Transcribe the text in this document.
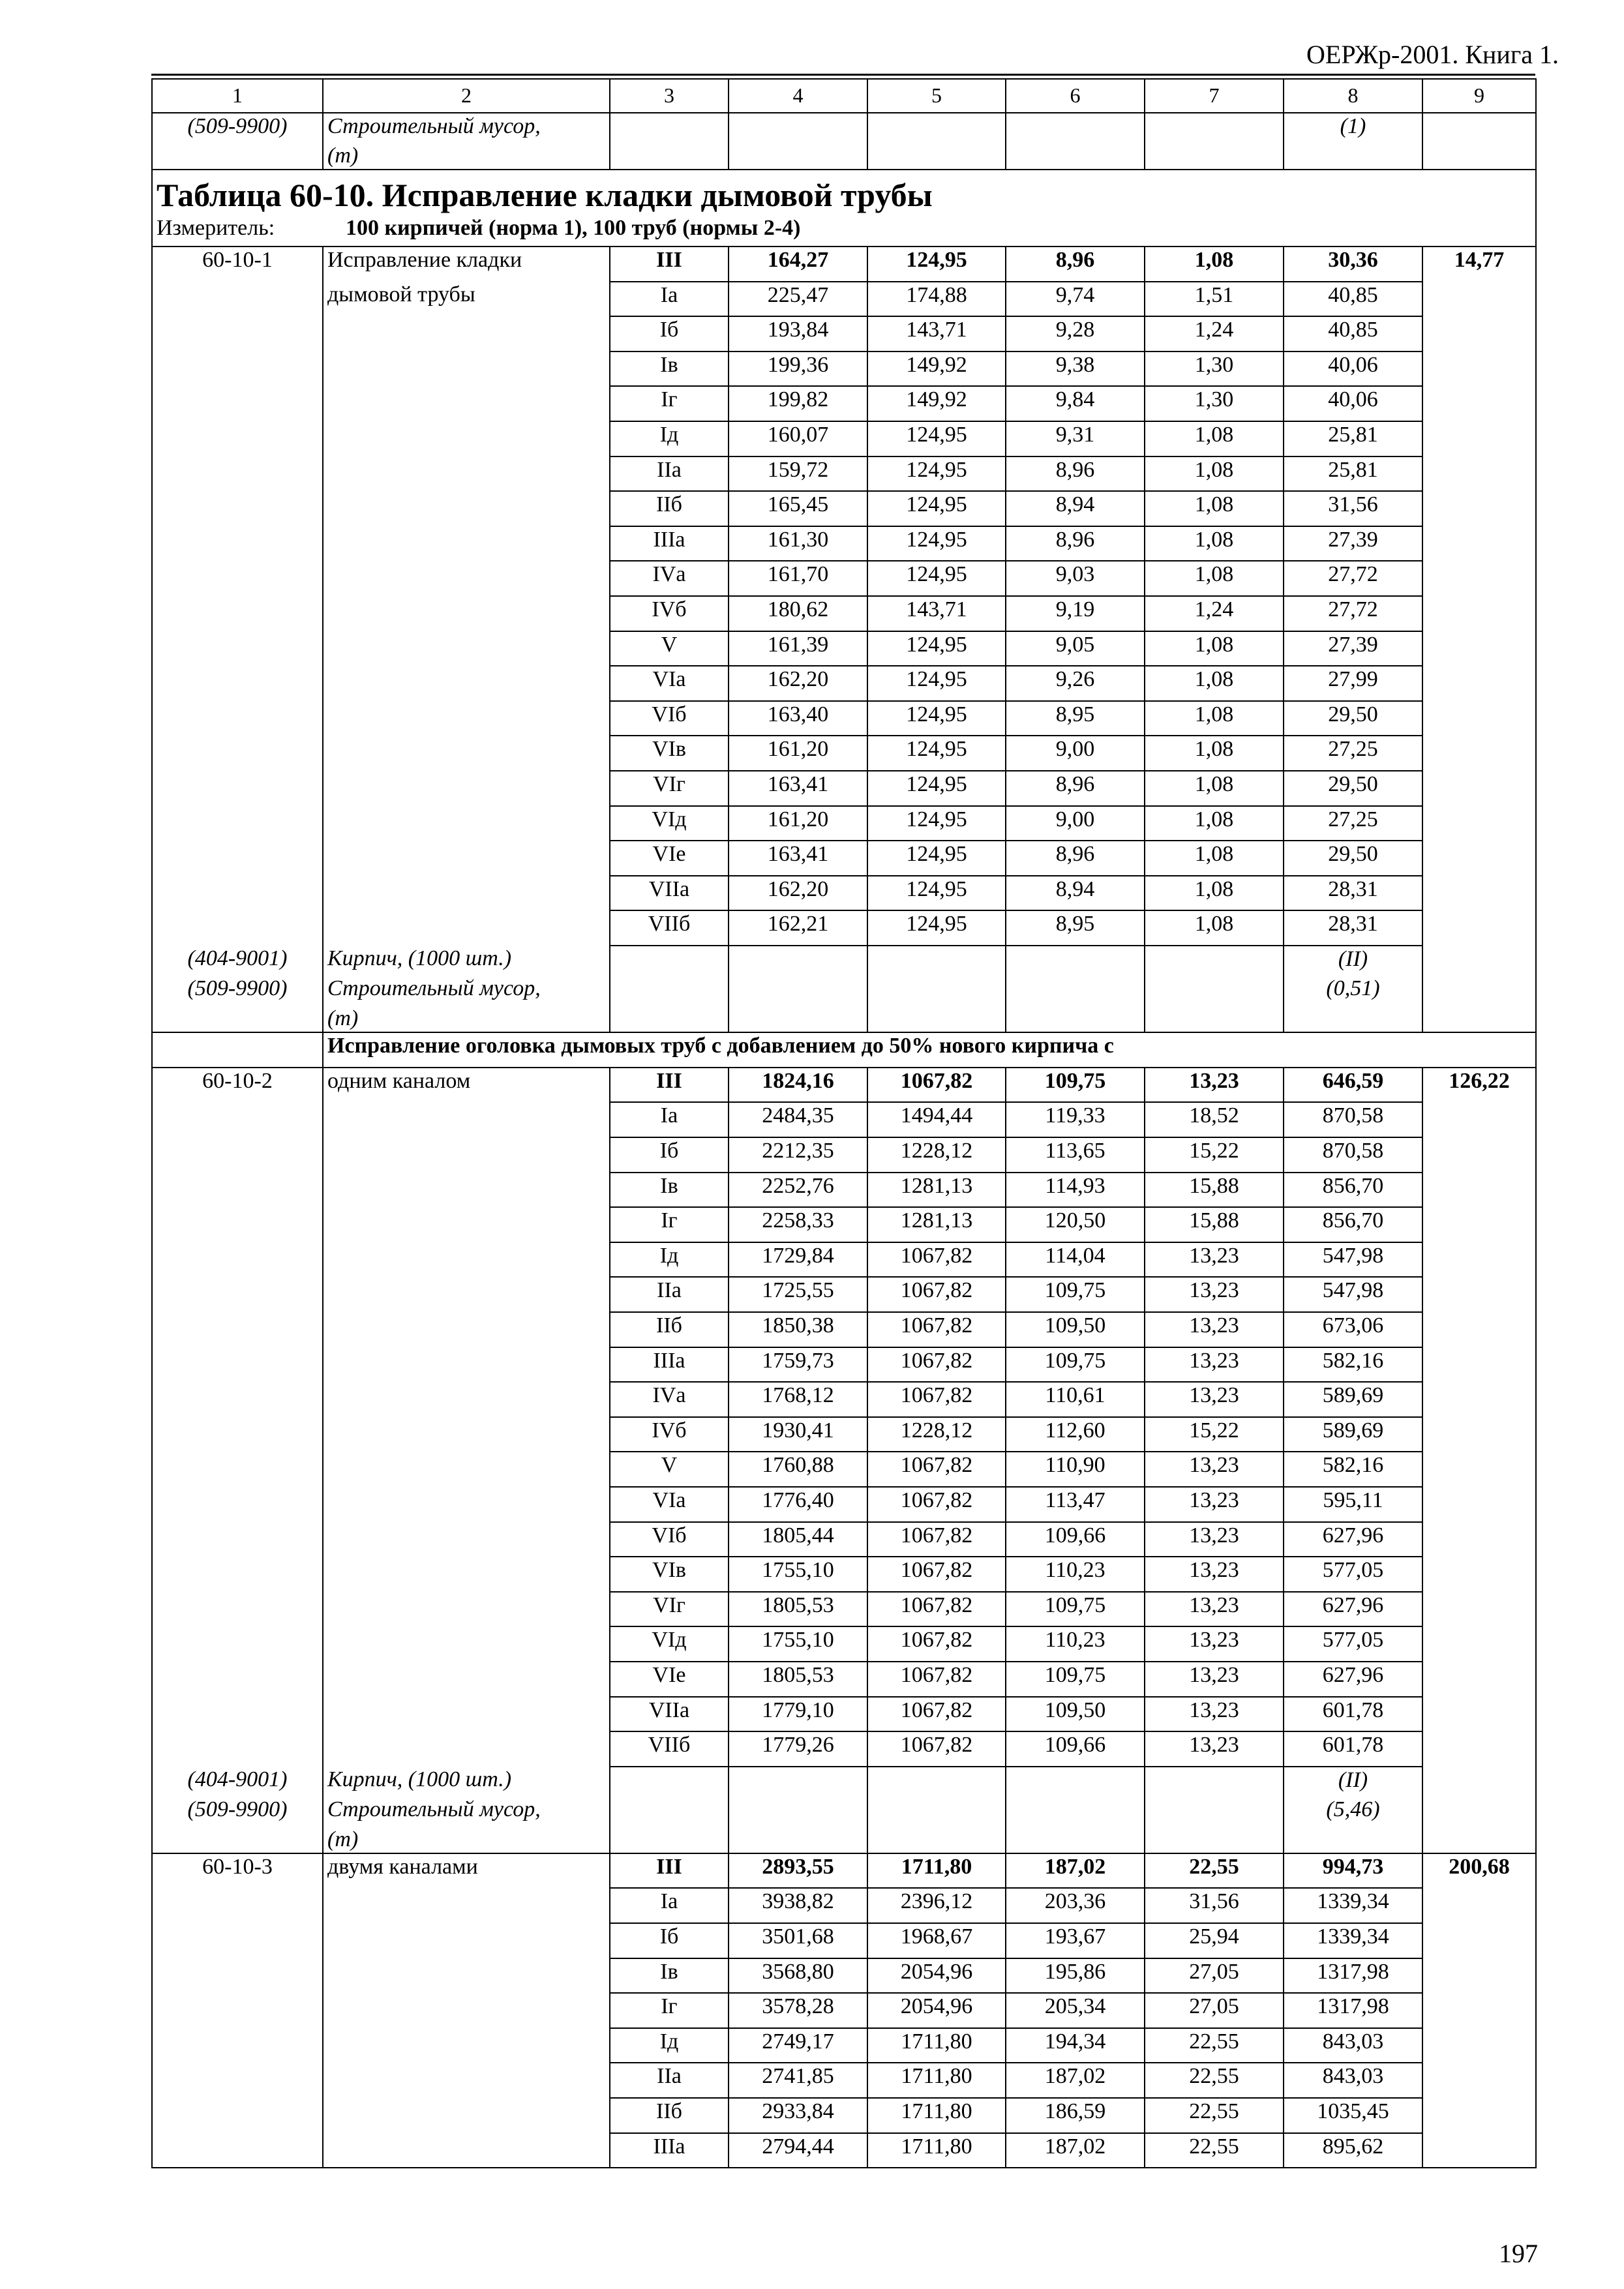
ОЕРЖр-2001. Книга 1.
1	2	3	4	5	6	7	8	9
(509-9900)	Строительный мусор,						(1)	
	(т)							
Таблица 60-10. Исправление кладки дымовой трубы								
Измеритель: 100 кирпичей (норма 1), 100 труб (нормы 2-4)								
60-10-1	Исправление кладки	III	164,27	124,95	8,96	1,08	30,36	14,77
	дымовой трубы	Iа	225,47	174,88	9,74	1,51	40,85	
		Iб	193,84	143,71	9,28	1,24	40,85	
		Iв	199,36	149,92	9,38	1,30	40,06	
		Iг	199,82	149,92	9,84	1,30	40,06	
		Iд	160,07	124,95	9,31	1,08	25,81	
		IIа	159,72	124,95	8,96	1,08	25,81	
		IIб	165,45	124,95	8,94	1,08	31,56	
		IIIа	161,30	124,95	8,96	1,08	27,39	
		IVа	161,70	124,95	9,03	1,08	27,72	
		IVб	180,62	143,71	9,19	1,24	27,72	
		V	161,39	124,95	9,05	1,08	27,39	
		VIа	162,20	124,95	9,26	1,08	27,99	
		VIб	163,40	124,95	8,95	1,08	29,50	
		VIв	161,20	124,95	9,00	1,08	27,25	
		VIг	163,41	124,95	8,96	1,08	29,50	
		VIд	161,20	124,95	9,00	1,08	27,25	
		VIе	163,41	124,95	8,96	1,08	29,50	
		VIIа	162,20	124,95	8,94	1,08	28,31	
		VIIб	162,21	124,95	8,95	1,08	28,31	
(404-9001)	Кирпич, (1000 шт.)						(II)	
(509-9900)	Строительный мусор,						(0,51)	
	(т)							
	Исправление оголовка дымовых труб с добавлением до 50% нового кирпича с							
60-10-2	одним каналом	III	1824,16	1067,82	109,75	13,23	646,59	126,22
		Iа	2484,35	1494,44	119,33	18,52	870,58	
		Iб	2212,35	1228,12	113,65	15,22	870,58	
		Iв	2252,76	1281,13	114,93	15,88	856,70	
		Iг	2258,33	1281,13	120,50	15,88	856,70	
		Iд	1729,84	1067,82	114,04	13,23	547,98	
		IIа	1725,55	1067,82	109,75	13,23	547,98	
		IIб	1850,38	1067,82	109,50	13,23	673,06	
		IIIа	1759,73	1067,82	109,75	13,23	582,16	
		IVа	1768,12	1067,82	110,61	13,23	589,69	
		IVб	1930,41	1228,12	112,60	15,22	589,69	
		V	1760,88	1067,82	110,90	13,23	582,16	
		VIа	1776,40	1067,82	113,47	13,23	595,11	
		VIб	1805,44	1067,82	109,66	13,23	627,96	
		VIв	1755,10	1067,82	110,23	13,23	577,05	
		VIг	1805,53	1067,82	109,75	13,23	627,96	
		VIд	1755,10	1067,82	110,23	13,23	577,05	
		VIе	1805,53	1067,82	109,75	13,23	627,96	
		VIIа	1779,10	1067,82	109,50	13,23	601,78	
		VIIб	1779,26	1067,82	109,66	13,23	601,78	
(404-9001)	Кирпич, (1000 шт.)						(II)	
(509-9900)	Строительный мусор,						(5,46)	
	(т)							
60-10-3	двумя каналами	III	2893,55	1711,80	187,02	22,55	994,73	200,68
		Iа	3938,82	2396,12	203,36	31,56	1339,34	
		Iб	3501,68	1968,67	193,67	25,94	1339,34	
		Iв	3568,80	2054,96	195,86	27,05	1317,98	
		Iг	3578,28	2054,96	205,34	27,05	1317,98	
		Iд	2749,17	1711,80	194,34	22,55	843,03	
		IIа	2741,85	1711,80	187,02	22,55	843,03	
		IIб	2933,84	1711,80	186,59	22,55	1035,45	
		IIIа	2794,44	1711,80	187,02	22,55	895,62	
197
